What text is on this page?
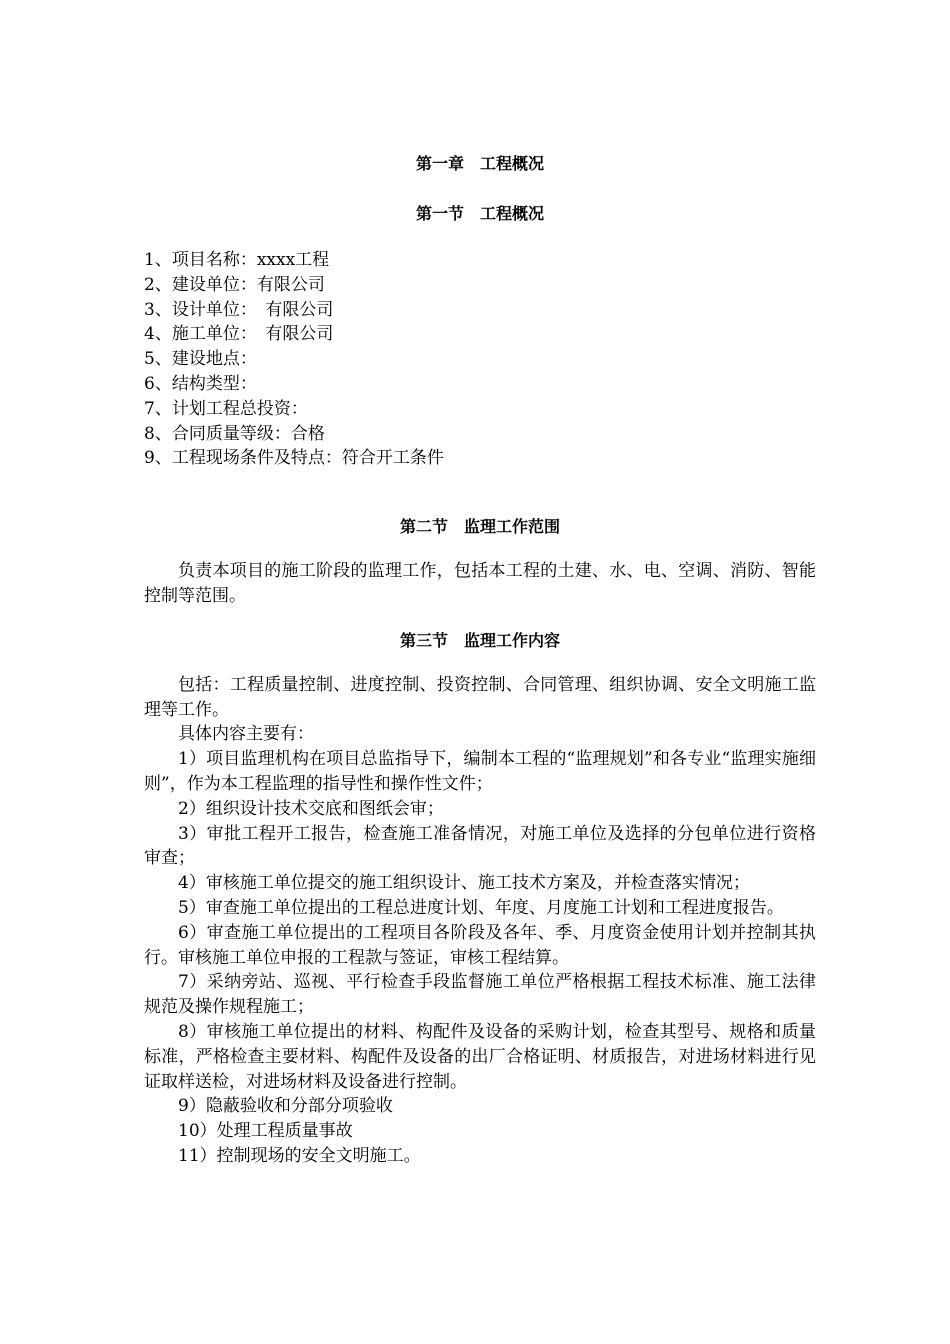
第一章　工程概况
第一节　工程概况

1、项目名称：xxxx工程

2、建设单位：有限公司

3、设计单位：　有限公司

4、施工单位：　有限公司

5、建设地点：

6、结构类型：

7、计划工程总投资：

8、合同质量等级：合格

9、工程现场条件及特点：符合开工条件

第二节　监理工作范围

负责本项目的施工阶段的监理工作，包括本工程的土建、水、电、空调、消防、智能控制等范围。

第三节　监理工作内容

包括：工程质量控制、进度控制、投资控制、合同管理、组织协调、安全文明施工监理等工作。

具体内容主要有：

1）项目监理机构在项目总监指导下，编制本工程的“监理规划”和各专业“监理实施细则”，作为本工程监理的指导性和操作性文件；

2）组织设计技术交底和图纸会审；

3）审批工程开工报告，检查施工准备情况，对施工单位及选择的分包单位进行资格审查；

4）审核施工单位提交的施工组织设计、施工技术方案及，并检查落实情况；

5）审查施工单位提出的工程总进度计划、年度、月度施工计划和工程进度报告。

6）审查施工单位提出的工程项目各阶段及各年、季、月度资金使用计划并控制其执行。审核施工单位申报的工程款与签证，审核工程结算。

7）采纳旁站、巡视、平行检查手段监督施工单位严格根据工程技术标准、施工法律规范及操作规程施工；

8）审核施工单位提出的材料、构配件及设备的采购计划，检查其型号、规格和质量标准，严格检查主要材料、构配件及设备的出厂合格证明、材质报告，对进场材料进行见证取样送检，对进场材料及设备进行控制。

9）隐蔽验收和分部分项验收

10）处理工程质量事故

11）控制现场的安全文明施工。
